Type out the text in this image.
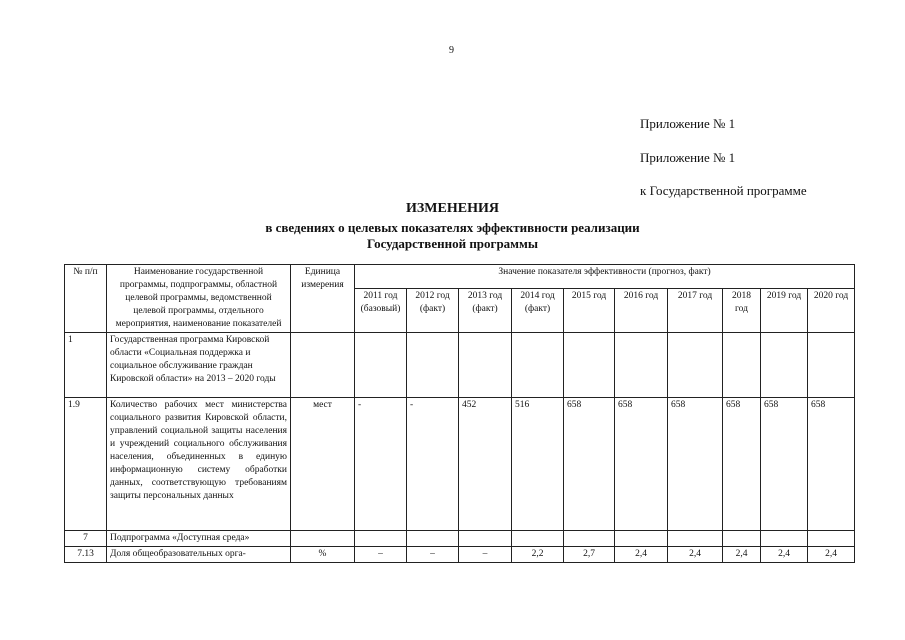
9
Приложение № 1
Приложение № 1
к Государственной программе
ИЗМЕНЕНИЯ
в сведениях о целевых показателях эффективности реализации
Государственной программы
№ п/п	Наименование государственной программы, подпрограммы, областной целевой программы, ведомственной целевой программы, отдельного мероприятия, наименование показателей	Единица измерения	Значение показателя эффективности (прогноз, факт)									
			2011 год (базовый)	2012 год (факт)	2013 год (факт)	2014 год (факт)	2015 год	2016 год	2017 год	2018 год	2019 год	2020 год
1	Государственная программа Кировской области «Социальная поддержка и социальное обслуживание граждан Кировской области» на 2013 – 2020 годы											
1.9	Количество рабочих мест министерства социального развития Кировской области, управлений социальной защиты населения и учреждений социального обслуживания населения, объединенных в единую информационную систему обработки данных, соответствующую требованиям защиты персональных данных	мест	-	-	452	516	658	658	658	658	658	658
7	Подпрограмма «Доступная среда»											
7.13	Доля общеобразовательных орга-	%	–	–	–	2,2	2,7	2,4	2,4	2,4	2,4	2,4
